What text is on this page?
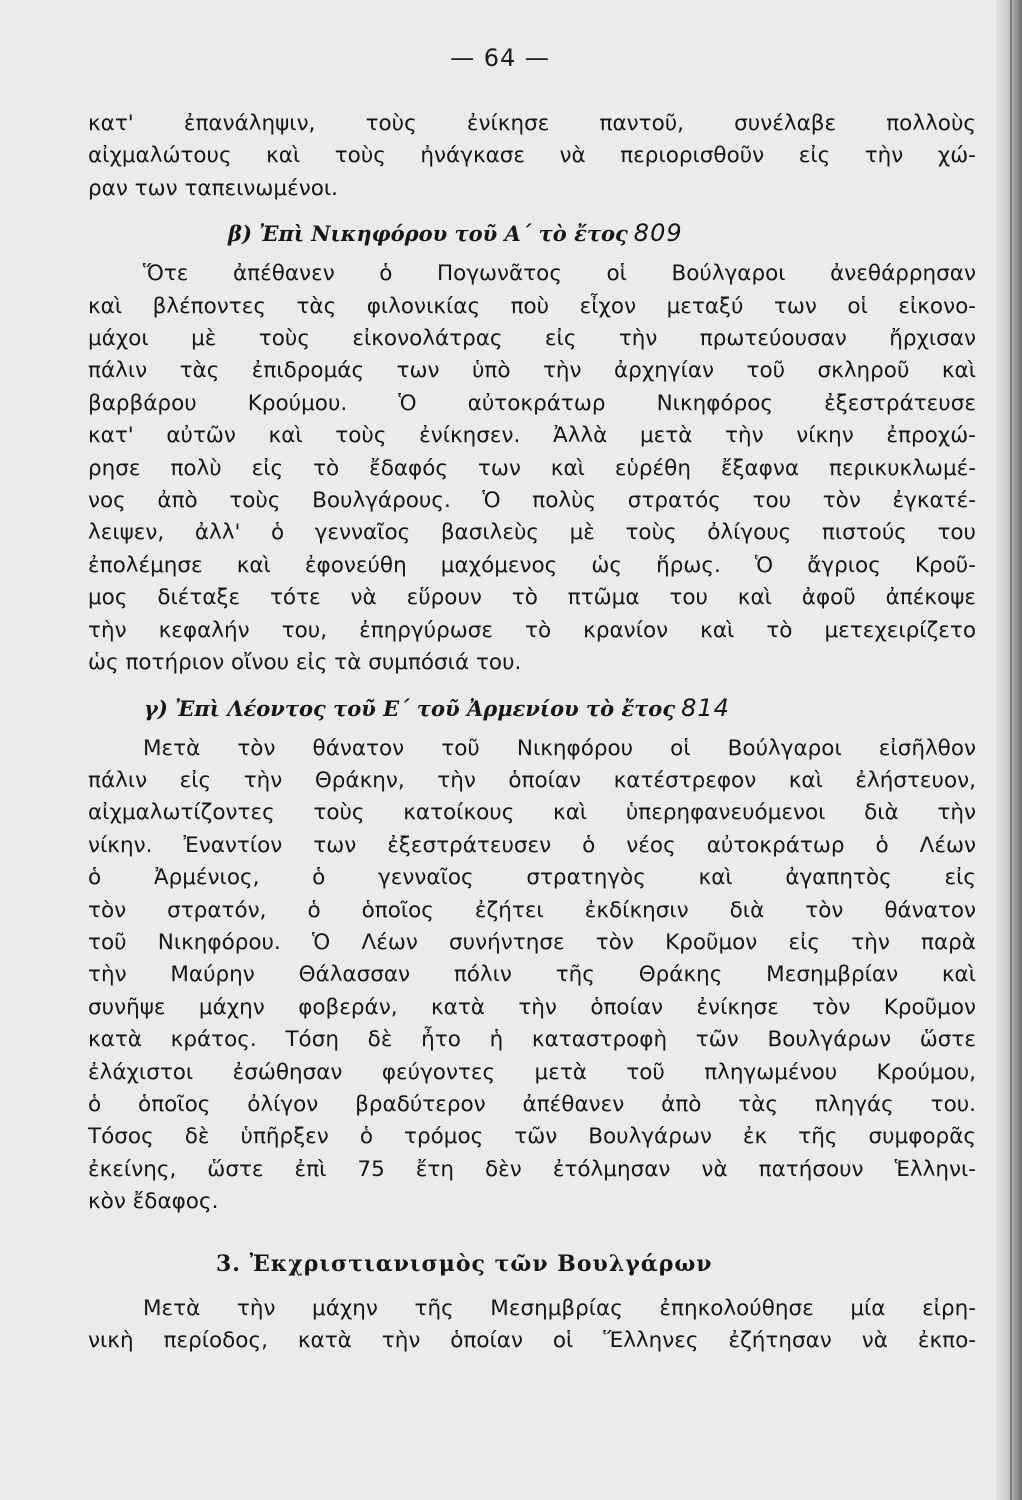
— 64 —
κατ' ἐπανάληψιν, τοὺς ἐνίκησε παντοῦ, συνέλαβε πολλοὺς
αἰχμαλώτους καὶ τοὺς ἠνάγκασε νὰ περιορισθοῦν εἰς τὴν χώ-
ραν των ταπεινωμένοι.
β) Ἐπὶ Νικηφόρου τοῦ Α΄ τὸ ἔτος 809
Ὅτε ἀπέθανεν ὁ Πογωνᾶτος οἱ Βούλγαροι ἀνεθάρρησαν
καὶ βλέποντες τὰς φιλονικίας ποὺ εἶχον μεταξύ των οἱ εἰκονο-
μάχοι μὲ τοὺς εἰκονολάτρας εἰς τὴν πρωτεύουσαν ἤρχισαν
πάλιν τὰς ἐπιδρομάς των ὑπὸ τὴν ἀρχηγίαν τοῦ σκληροῦ καὶ
βαρβάρου Κρούμου. Ὁ αὐτοκράτωρ Νικηφόρος ἐξεστράτευσε
κατ' αὐτῶν καὶ τοὺς ἐνίκησεν. Ἀλλὰ μετὰ τὴν νίκην ἐπροχώ-
ρησε πολὺ εἰς τὸ ἔδαφός των καὶ εὑρέθη ἔξαφνα περικυκλωμέ-
νος ἀπὸ τοὺς Βουλγάρους. Ὁ πολὺς στρατός του τὸν ἐγκατέ-
λειψεν, ἀλλ' ὁ γενναῖος βασιλεὺς μὲ τοὺς ὀλίγους πιστούς του
ἐπολέμησε καὶ ἐφονεύθη μαχόμενος ὡς ἥρως. Ὁ ἄγριος Κροῦ-
μος διέταξε τότε νὰ εὕρουν τὸ πτῶμα του καὶ ἀφοῦ ἀπέκοψε
τὴν κεφαλήν του, ἐπηργύρωσε τὸ κρανίον καὶ τὸ μετεχειρίζετο
ὡς ποτήριον οἴνου εἰς τὰ συμπόσιά του.
γ) Ἐπὶ Λέοντος τοῦ Ε΄ τοῦ Ἀρμενίου τὸ ἔτος 814
Μετὰ τὸν θάνατον τοῦ Νικηφόρου οἱ Βούλγαροι εἰσῆλθον
πάλιν εἰς τὴν Θράκην, τὴν ὁποίαν κατέστρεφον καὶ ἐλήστευον,
αἰχμαλωτίζοντες τοὺς κατοίκους καὶ ὑπερηφανευόμενοι διὰ τὴν
νίκην. Ἐναντίον των ἐξεστράτευσεν ὁ νέος αὐτοκράτωρ ὁ Λέων
ὁ Ἀρμένιος, ὁ γενναῖος στρατηγὸς καὶ ἀγαπητὸς εἰς
τὸν στρατόν, ὁ ὁποῖος ἐζήτει ἐκδίκησιν διὰ τὸν θάνατον
τοῦ Νικηφόρου. Ὁ Λέων συνήντησε τὸν Κροῦμον εἰς τὴν παρὰ
τὴν Μαύρην Θάλασσαν πόλιν τῆς Θράκης Μεσημβρίαν καὶ
συνῆψε μάχην φοβεράν, κατὰ τὴν ὁποίαν ἐνίκησε τὸν Κροῦμον
κατὰ κράτος. Τόση δὲ ἦτο ἡ καταστροφὴ τῶν Βουλγάρων ὥστε
ἐλάχιστοι ἐσώθησαν φεύγοντες μετὰ τοῦ πληγωμένου Κρούμου,
ὁ ὁποῖος ὀλίγον βραδύτερον ἀπέθανεν ἀπὸ τὰς πληγάς του.
Τόσος δὲ ὑπῆρξεν ὁ τρόμος τῶν Βουλγάρων ἐκ τῆς συμφορᾶς
ἐκείνης, ὥστε ἐπὶ 75 ἔτη δὲν ἐτόλμησαν νὰ πατήσουν Ἑλληνι-
κὸν ἔδαφος.
3. Ἐκχριστιανισμὸς τῶν Βουλγάρων
Μετὰ τὴν μάχην τῆς Μεσημβρίας ἐπηκολούθησε μία εἰρη-
νικὴ περίοδος, κατὰ τὴν ὁποίαν οἱ Ἕλληνες ἐζήτησαν νὰ ἐκπο-
